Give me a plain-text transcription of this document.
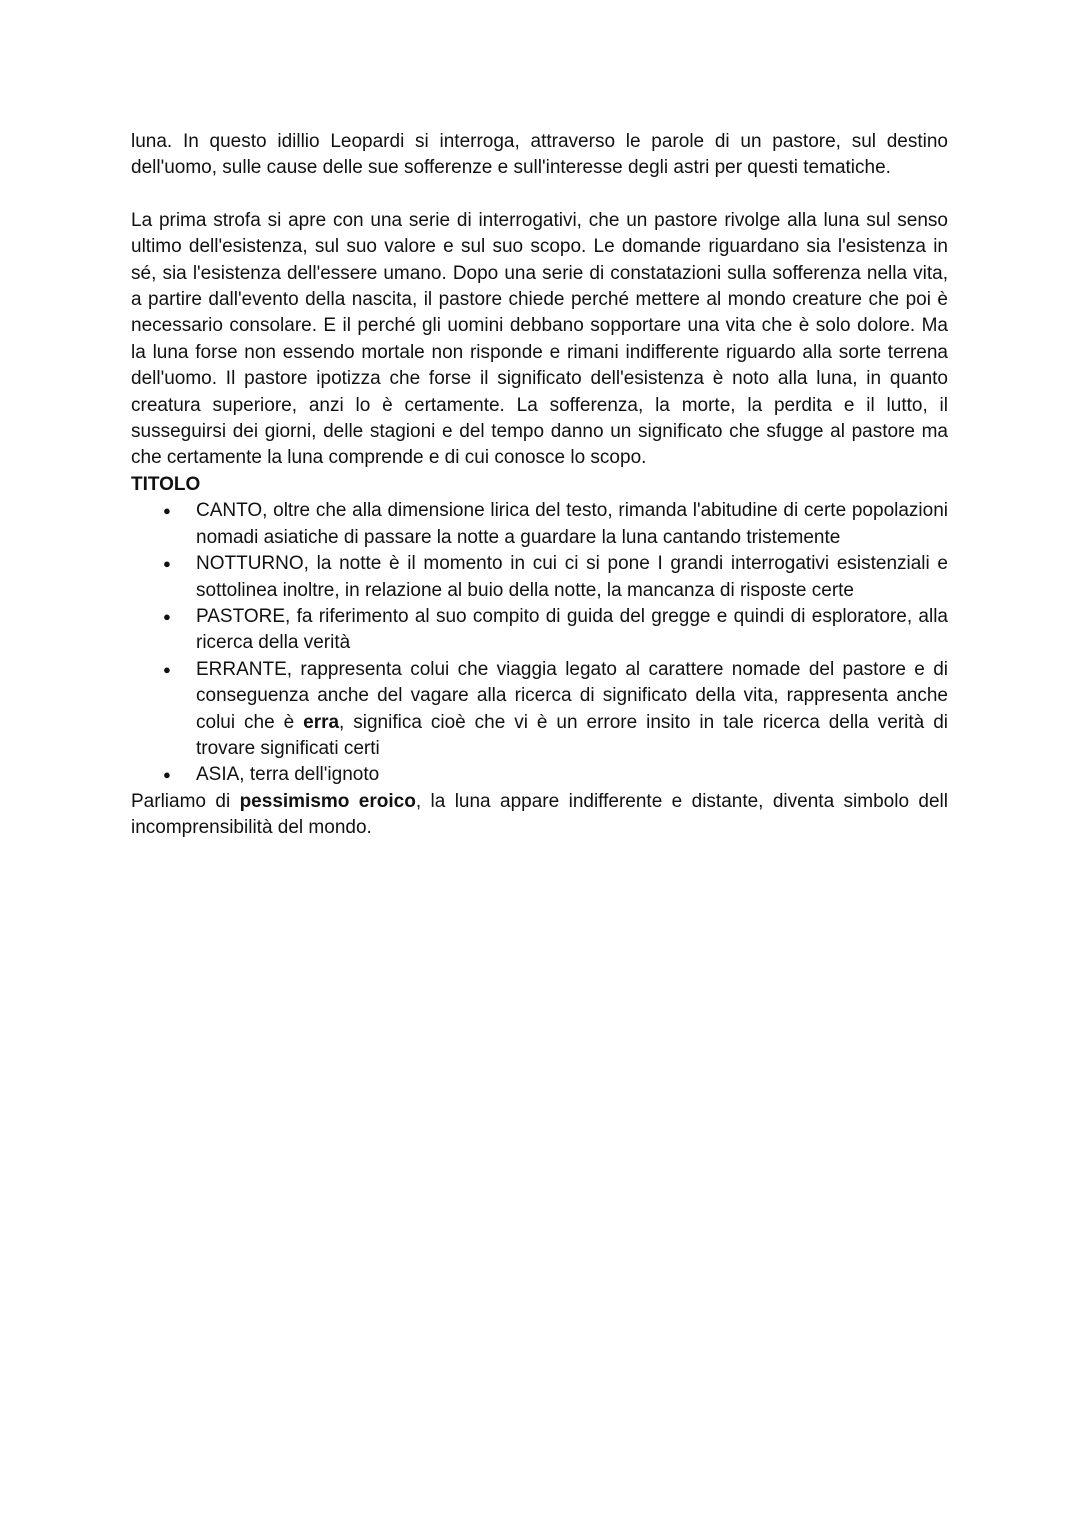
luna. In questo idillio Leopardi si interroga, attraverso le parole di un pastore, sul destino dell'uomo, sulle cause delle sue sofferenze e sull'interesse degli astri per questi tematiche.

La prima strofa si apre con una serie di interrogativi, che un pastore rivolge alla luna sul senso ultimo dell'esistenza, sul suo valore e sul suo scopo. Le domande riguardano sia l'esistenza in sé, sia l'esistenza dell'essere umano. Dopo una serie di constatazioni sulla sofferenza nella vita, a partire dall'evento della nascita, il pastore chiede perché mettere al mondo creature che poi è necessario consolare. E il perché gli uomini debbano sopportare una vita che è solo dolore. Ma la luna forse non essendo mortale non risponde e rimani indifferente riguardo alla sorte terrena dell'uomo. Il pastore ipotizza che forse il significato dell'esistenza è noto alla luna, in quanto creatura superiore, anzi lo è certamente. La sofferenza, la morte, la perdita e il lutto, il susseguirsi dei giorni, delle stagioni e del tempo danno un significato che sfugge al pastore ma che certamente la luna comprende e di cui conosce lo scopo.

TITOLO

● CANTO, oltre che alla dimensione lirica del testo, rimanda l'abitudine di certe popolazioni nomadi asiatiche di passare la notte a guardare la luna cantando tristemente
● NOTTURNO, la notte è il momento in cui ci si pone I grandi interrogativi esistenziali e sottolinea inoltre, in relazione al buio della notte, la mancanza di risposte certe
● PASTORE, fa riferimento al suo compito di guida del gregge e quindi di esploratore, alla ricerca della verità
● ERRANTE, rappresenta colui che viaggia legato al carattere nomade del pastore e di conseguenza anche del vagare alla ricerca di significato della vita, rappresenta anche colui che è erra, significa cioè che vi è un errore insito in tale ricerca della verità di trovare significati certi
● ASIA, terra dell'ignoto

Parliamo di pessimismo eroico, la luna appare indifferente e distante, diventa simbolo dell incomprensibilità del mondo.
